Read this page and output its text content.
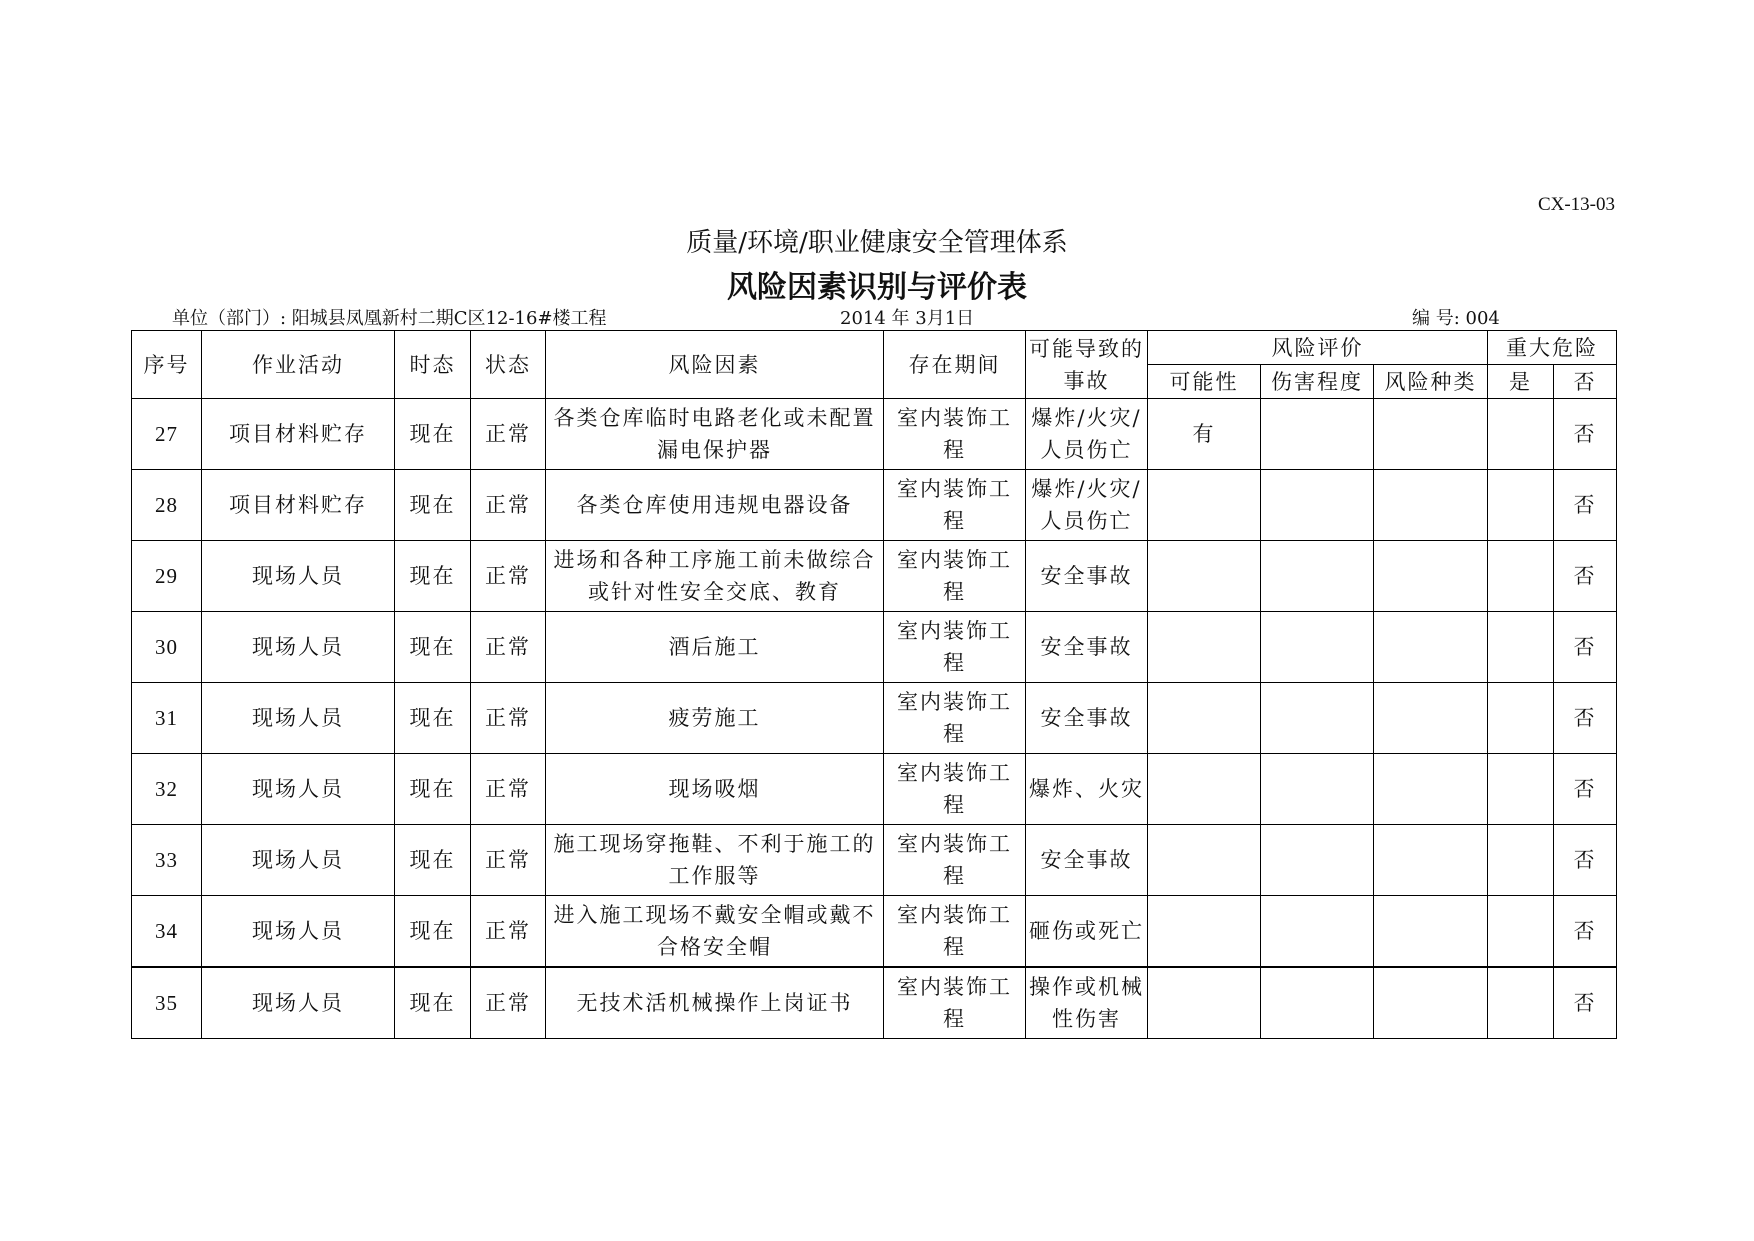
CX-13-03
质量/环境/职业健康安全管理体系
风险因素识别与评价表
单位（部门）: 阳城县凤凰新村二期C区12-16#楼工程	2014 年 3月1日	编 号: 004
序号	作业活动	时态	状态	风险因素	存在期间	可能导致的事故	风险评价			重大危险	
							可能性	伤害程度	风险种类	是	否
27	项目材料贮存	现在	正常	各类仓库临时电路老化或未配置漏电保护器	室内装饰工程	爆炸/火灾/人员伤亡	有				否
28	项目材料贮存	现在	正常	各类仓库使用违规电器设备	室内装饰工程	爆炸/火灾/人员伤亡					否
29	现场人员	现在	正常	进场和各种工序施工前未做综合或针对性安全交底、教育	室内装饰工程	安全事故					否
30	现场人员	现在	正常	酒后施工	室内装饰工程	安全事故					否
31	现场人员	现在	正常	疲劳施工	室内装饰工程	安全事故					否
32	现场人员	现在	正常	现场吸烟	室内装饰工程	爆炸、火灾					否
33	现场人员	现在	正常	施工现场穿拖鞋、不利于施工的工作服等	室内装饰工程	安全事故					否
34	现场人员	现在	正常	进入施工现场不戴安全帽或戴不合格安全帽	室内装饰工程	砸伤或死亡					否
35	现场人员	现在	正常	无技术活机械操作上岗证书	室内装饰工程	操作或机械性伤害					否
